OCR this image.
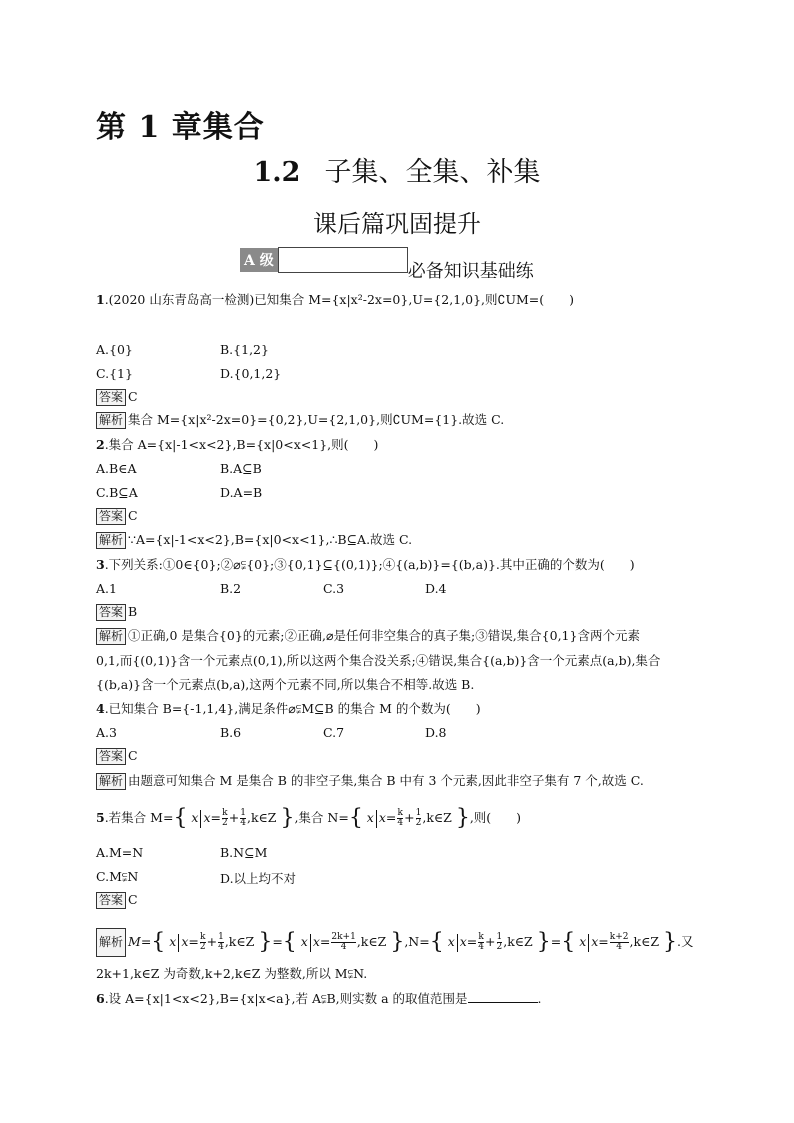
第 1 章集合
1.2 子集、全集、补集
课后篇巩固提升
A 级	必备知识基础练
1.(2020 山东青岛高一检测)已知集合 M={x|x²-2x=0},U={2,1,0},则∁UM=(　　)
A.{0}	B.{1,2}
C.{1}	D.{0,1,2}
答案 C
解析 集合 M={x|x²-2x=0}={0,2},U={2,1,0},则∁UM={1}.故选 C.
2.集合 A={x|-1<x<2},B={x|0<x<1},则(　　)
A.B∈A	B.A⊆B
C.B⊆A	D.A=B
答案 C
解析 ∵A={x|-1<x<2},B={x|0<x<1},∴B⊆A.故选 C.
3.下列关系:①0∈{0};②⌀⫋{0};③{0,1}⊆{(0,1)};④{(a,b)}={(b,a)}.其中正确的个数为(　　)
A.1	B.2	C.3	D.4
答案 B
解析 ①正确,0 是集合{0}的元素;②正确,⌀是任何非空集合的真子集;③错误,集合{0,1}含两个元素
0,1,而{(0,1)}含一个元素点(0,1),所以这两个集合没关系;④错误,集合{(a,b)}含一个元素点(a,b),集合
{(b,a)}含一个元素点(b,a),这两个元素不同,所以集合不相等.故选 B.
4.已知集合 B={-1,1,4},满足条件⌀⫋M⊆B 的集合 M 的个数为(　　)
A.3	B.6	C.7	D.8
答案 C
解析 由题意可知集合 M 是集合 B 的非空子集,集合 B 中有 3 个元素,因此非空子集有 7 个,故选 C.
5.若集合 M={ x $x= \frac{k}{2} + \frac{1}{4}$ ,k∈Z },集合 N={ x $x= \frac{k}{4} + \frac{1}{2}$ ,k∈Z },则(　　)
A.M=N	B.N⊆M
C.M⫋N	D.以上均不对
答案 C
解析 M={ x $x= \frac{k}{2} + \frac{1}{4}$ ,k∈Z }={ x $x= \frac{2k+1}{4}$ ,k∈Z },N={ x $x= \frac{k}{4} + \frac{1}{2}$ ,k∈Z }={ x $x= \frac{k+2}{4}$ ,k∈Z }.又
2k+1,k∈Z 为奇数,k+2,k∈Z 为整数,所以 M⫋N.
6.设 A={x|1<x<2},B={x|x<a},若 A⫋B,则实数 a 的取值范围是	.
